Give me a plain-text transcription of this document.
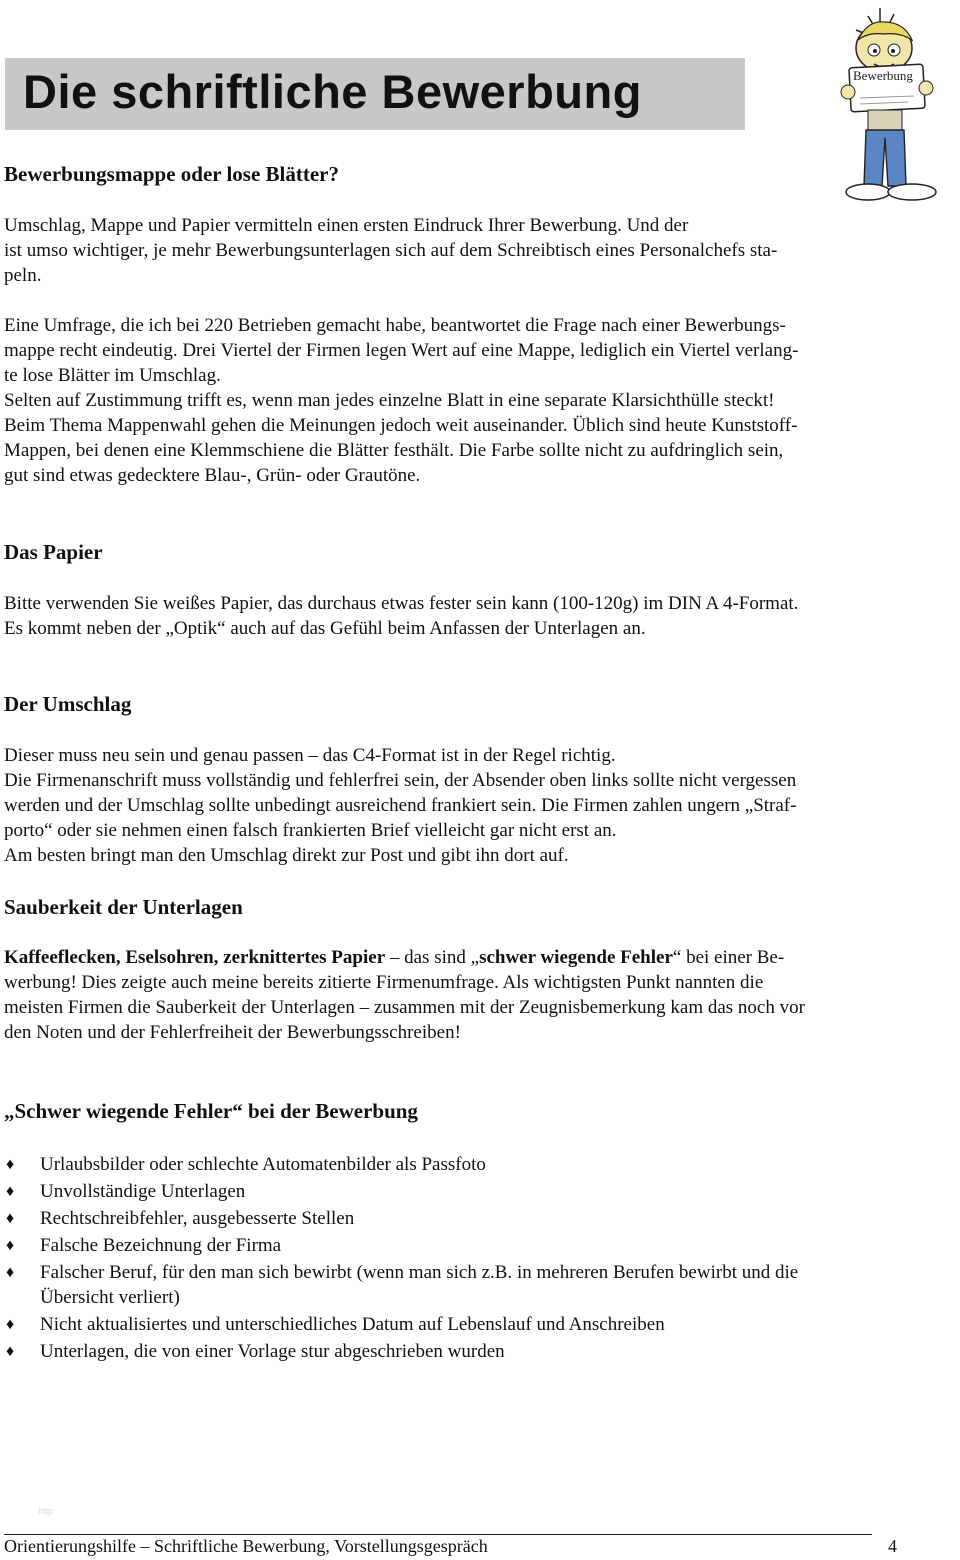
Die schriftliche Bewerbung	Bewerbung
Bewerbungsmappe oder lose Blätter?
Umschlag, Mappe und Papier vermitteln einen ersten Eindruck Ihrer Bewerbung. Und der
ist umso wichtiger, je mehr Bewerbungsunterlagen sich auf dem Schreibtisch eines Personalchefs sta-
peln.
Eine Umfrage, die ich bei 220 Betrieben gemacht habe, beantwortet die Frage nach einer Bewerbungs-
mappe recht eindeutig. Drei Viertel der Firmen legen Wert auf eine Mappe, lediglich ein Viertel verlang-
te lose Blätter im Umschlag.
Selten auf Zustimmung trifft es, wenn man jedes einzelne Blatt in eine separate Klarsichthülle steckt!
Beim Thema Mappenwahl gehen die Meinungen jedoch weit auseinander. Üblich sind heute Kunststoff-
Mappen, bei denen eine Klemmschiene die Blätter festhält. Die Farbe sollte nicht zu aufdringlich sein,
gut sind etwas gedecktere Blau-, Grün- oder Grautöne.
Das Papier
Bitte verwenden Sie weißes Papier, das durchaus etwas fester sein kann (100-120g) im DIN A 4-Format.
Es kommt neben der „Optik“ auch auf das Gefühl beim Anfassen der Unterlagen an.
Der Umschlag
Dieser muss neu sein und genau passen – das C4-Format ist in der Regel richtig.
Die Firmenanschrift muss vollständig und fehlerfrei sein, der Absender oben links sollte nicht vergessen
werden und der Umschlag sollte unbedingt ausreichend frankiert sein. Die Firmen zahlen ungern „Straf-
porto“ oder sie nehmen einen falsch frankierten Brief vielleicht gar nicht erst an.
Am besten bringt man den Umschlag direkt zur Post und gibt ihn dort auf.
Sauberkeit der Unterlagen
Kaffeeflecken, Eselsohren, zerknittertes Papier – das sind „schwer wiegende Fehler“ bei einer Be-
werbung! Dies zeigte auch meine bereits zitierte Firmenumfrage. Als wichtigsten Punkt nannten die
meisten Firmen die Sauberkeit der Unterlagen – zusammen mit der Zeugnisbemerkung kam das noch vor
den Noten und der Fehlerfreiheit der Bewerbungsschreiben!
„Schwer wiegende Fehler“ bei der Bewerbung
♦ Urlaubsbilder oder schlechte Automatenbilder als Passfoto
♦ Unvollständige Unterlagen
♦ Rechtschreibfehler, ausgebesserte Stellen
♦ Falsche Bezeichnung der Firma
♦ Falscher Beruf, für den man sich bewirbt (wenn man sich z.B. in mehreren Berufen bewirbt und die
Übersicht verliert)
♦ Nicht aktualisiertes und unterschiedliches Datum auf Lebenslauf und Anschreiben
♦ Unterlagen, die von einer Vorlage stur abgeschrieben wurden
http
Orientierungshilfe – Schriftliche Bewerbung, Vorstellungsgespräch	4
